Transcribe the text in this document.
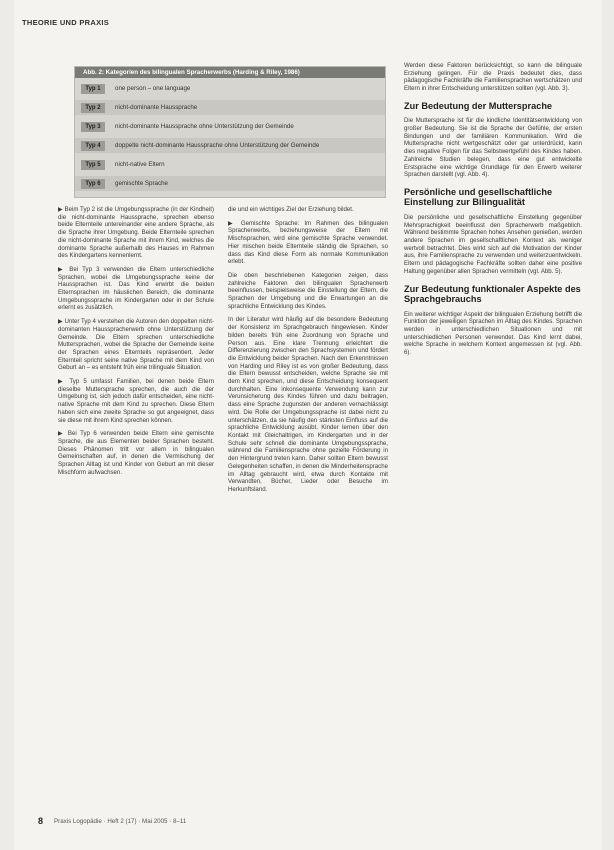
THEORIE UND PRAXIS
Abb. 2: Kategorien des bilingualen Spracherwerbs (Harding & Riley, 1986)
Typ 1	one person – one language
Typ 2	nicht-dominante Haussprache
Typ 3	nicht-dominante Haussprache ohne Unterstützung der Gemeinde
Typ 4	doppelte nicht-dominante Haussprache ohne Unterstützung der Gemeinde
Typ 5	nicht-native Eltern
Typ 6	gemischte Sprache

▶ Beim Typ 2 ist die Umgebungssprache (in der Kindheit) die nicht-dominante Haussprache, sprechen ebenso beide Elternteile untereinander eine andere Sprache, als die Sprache ihrer Umgebung. Beide Elternteile sprechen die nicht-dominante Sprache mit ihrem Kind, welches die dominante Sprache außerhalb des Hauses im Rahmen des Kindergartens kennenlernt.

▶ Bei Typ 3 verwenden die Eltern unterschiedliche Sprachen, wobei die Umgebungssprache keine der Haussprachen ist. Das Kind erwirbt die beiden Elternsprachen im häuslichen Bereich, die dominante Umgebungssprache im Kindergarten oder in der Schule erlernt es zusätzlich.

▶ Unter Typ 4 verstehen die Autoren den doppelten nicht-dominanten Hausspracherwerb ohne Unterstützung der Gemeinde. Die Eltern sprechen unterschiedliche Muttersprachen, wobei die Sprache der Gemeinde keine der Sprachen eines Elternteils repräsentiert. Jeder Elternteil spricht seine native Sprache mit dem Kind von Geburt an – es entsteht früh eine trilinguale Situation.

▶ Typ 5 umfasst Familien, bei denen beide Eltern dieselbe Muttersprache sprechen, die auch die der Umgebung ist, sich jedoch dafür entscheiden, eine nicht-native Sprache mit dem Kind zu sprechen. Diese Eltern haben sich eine zweite Sprache so gut angeeignet, dass sie diese mit ihrem Kind sprechen können.

▶ Bei Typ 6 verwenden beide Eltern eine gemischte Sprache, die aus Elementen beider Sprachen besteht. Dieses Phänomen tritt vor allem in bilingualen Gemeinschaften auf, in denen die Vermischung der Sprachen Alltag ist und Kinder von Geburt an mit dieser Mischform aufwachsen.

die und ein wichtiges Ziel der Erziehung bildet.

▶ Gemischte Sprache: Im Rahmen des bilingualen Spracherwerbs, beziehungsweise der Eltern mit Mischsprachen, wird eine gemischte Sprache verwendet. Hier mischen beide Elternteile ständig die Sprachen, so dass das Kind diese Form als normale Kommunikation erlebt.

Die oben beschriebenen Kategorien zeigen, dass zahlreiche Faktoren den bilingualen Spracherwerb beeinflussen, beispielsweise die Einstellung der Eltern, die Sprachen der Umgebung und die Erwartungen an die sprachliche Entwicklung des Kindes.

In der Literatur wird häufig auf die besondere Bedeutung der Konsistenz im Sprachgebrauch hingewiesen. Kinder bilden bereits früh eine Zuordnung von Sprache und Person aus. Eine klare Trennung erleichtert die Differenzierung zwischen den Sprachsystemen und fördert die Entwicklung beider Sprachen. Nach den Erkenntnissen von Harding und Riley ist es von großer Bedeutung, dass die Eltern bewusst entscheiden, welche Sprache sie mit dem Kind sprechen, und diese Entscheidung konsequent durchhalten. Eine inkonsequente Verwendung kann zur Verunsicherung des Kindes führen und dazu beitragen, dass eine Sprache zugunsten der anderen vernachlässigt wird. Die Rolle der Umgebungssprache ist dabei nicht zu unterschätzen, da sie häufig den stärksten Einfluss auf die sprachliche Entwicklung ausübt. Kinder lernen über den Kontakt mit Gleichaltrigen, im Kindergarten und in der Schule sehr schnell die dominante Umgebungssprache, während die Familiensprache ohne gezielte Förderung in den Hintergrund treten kann. Daher sollten Eltern bewusst Gelegenheiten schaffen, in denen die Minderheitensprache im Alltag gebraucht wird, etwa durch Kontakte mit Verwandten, Bücher, Lieder oder Besuche im Herkunftsland.

Werden diese Faktoren berücksichtigt, so kann die bilinguale Erziehung gelingen. Für die Praxis bedeutet dies, dass pädagogische Fachkräfte die Familiensprachen wertschätzen und Eltern in ihrer Entscheidung unterstützen sollten (vgl. Abb. 3).

Zur Bedeutung der Muttersprache

Die Muttersprache ist für die kindliche Identitätsentwicklung von großer Bedeutung. Sie ist die Sprache der Gefühle, der ersten Bindungen und der familiären Kommunikation. Wird die Muttersprache nicht wertgeschätzt oder gar unterdrückt, kann dies negative Folgen für das Selbstwertgefühl des Kindes haben. Zahlreiche Studien belegen, dass eine gut entwickelte Erstsprache eine wichtige Grundlage für den Erwerb weiterer Sprachen darstellt (vgl. Abb. 4).

Persönliche und gesellschaftliche Einstellung zur Bilingualität

Die persönliche und gesellschaftliche Einstellung gegenüber Mehrsprachigkeit beeinflusst den Spracherwerb maßgeblich. Während bestimmte Sprachen hohes Ansehen genießen, werden andere Sprachen im gesellschaftlichen Kontext als weniger wertvoll betrachtet. Dies wirkt sich auf die Motivation der Kinder aus, ihre Familiensprache zu verwenden und weiterzuentwickeln. Eltern und pädagogische Fachkräfte sollten daher eine positive Haltung gegenüber allen Sprachen vermitteln (vgl. Abb. 5).

Zur Bedeutung funktionaler Aspekte des Sprachgebrauchs

Ein weiterer wichtiger Aspekt der bilingualen Erziehung betrifft die Funktion der jeweiligen Sprachen im Alltag des Kindes. Sprachen werden in unterschiedlichen Situationen und mit unterschiedlichen Personen verwendet. Das Kind lernt dabei, welche Sprache in welchem Kontext angemessen ist (vgl. Abb. 6).

8 Praxis Logopädie · Heft 2 (17) · Mai 2005 · 8–11
